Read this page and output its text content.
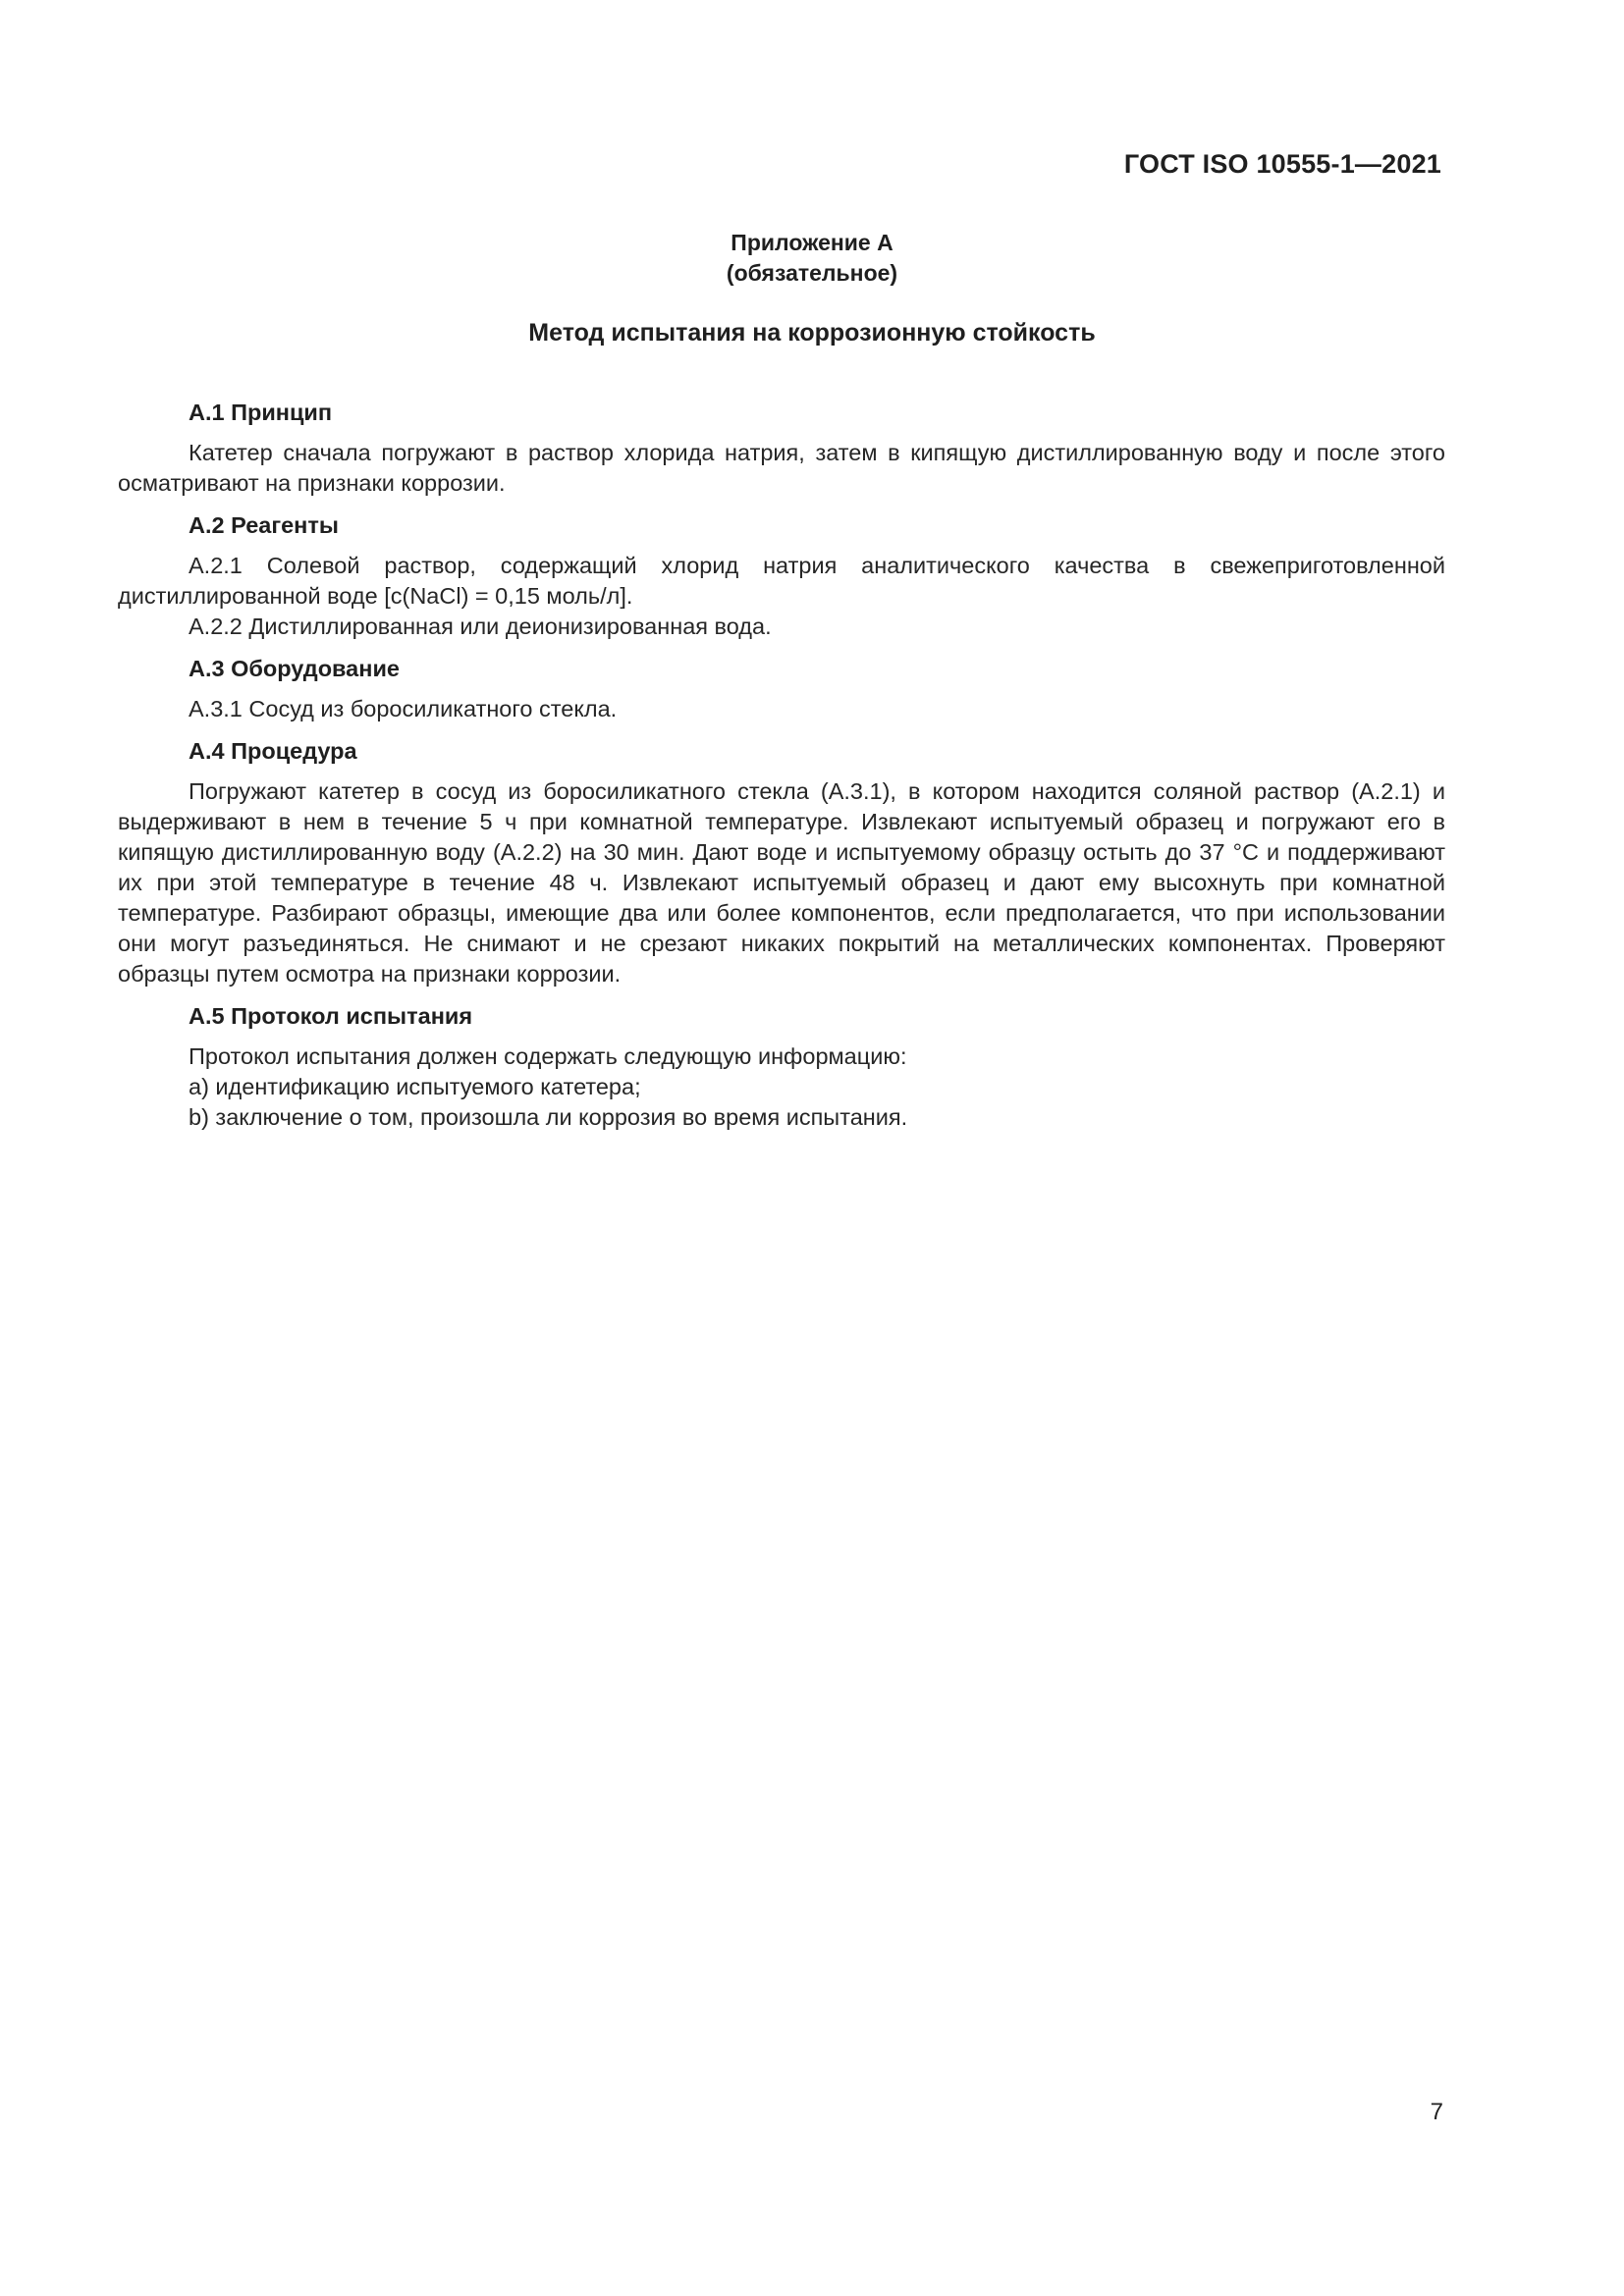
ГОСТ ISO 10555-1—2021
Приложение А
(обязательное)
Метод испытания на коррозионную стойкость
А.1 Принцип
Катетер сначала погружают в раствор хлорида натрия, затем в кипящую дистиллированную воду и после этого осматривают на признаки коррозии.
А.2 Реагенты
А.2.1 Солевой раствор, содержащий хлорид натрия аналитического качества в свежеприготовленной дистиллированной воде [c(NaCl) = 0,15 моль/л].
А.2.2 Дистиллированная или деионизированная вода.
А.3 Оборудование
А.3.1 Сосуд из боросиликатного стекла.
А.4 Процедура
Погружают катетер в сосуд из боросиликатного стекла (А.3.1), в котором находится соляной раствор (А.2.1) и выдерживают в нем в течение 5 ч при комнатной температуре. Извлекают испытуемый образец и погружают его в кипящую дистиллированную воду (А.2.2) на 30 мин. Дают воде и испытуемому образцу остыть до 37 °С и поддерживают их при этой температуре в течение 48 ч. Извлекают испытуемый образец и дают ему высохнуть при комнатной температуре. Разбирают образцы, имеющие два или более компонентов, если предполагается, что при использовании они могут разъединяться. Не снимают и не срезают никаких покрытий на металлических компонентах. Проверяют образцы путем осмотра на признаки коррозии.
А.5 Протокол испытания
Протокол испытания должен содержать следующую информацию:
a) идентификацию испытуемого катетера;
b) заключение о том, произошла ли коррозия во время испытания.
7
